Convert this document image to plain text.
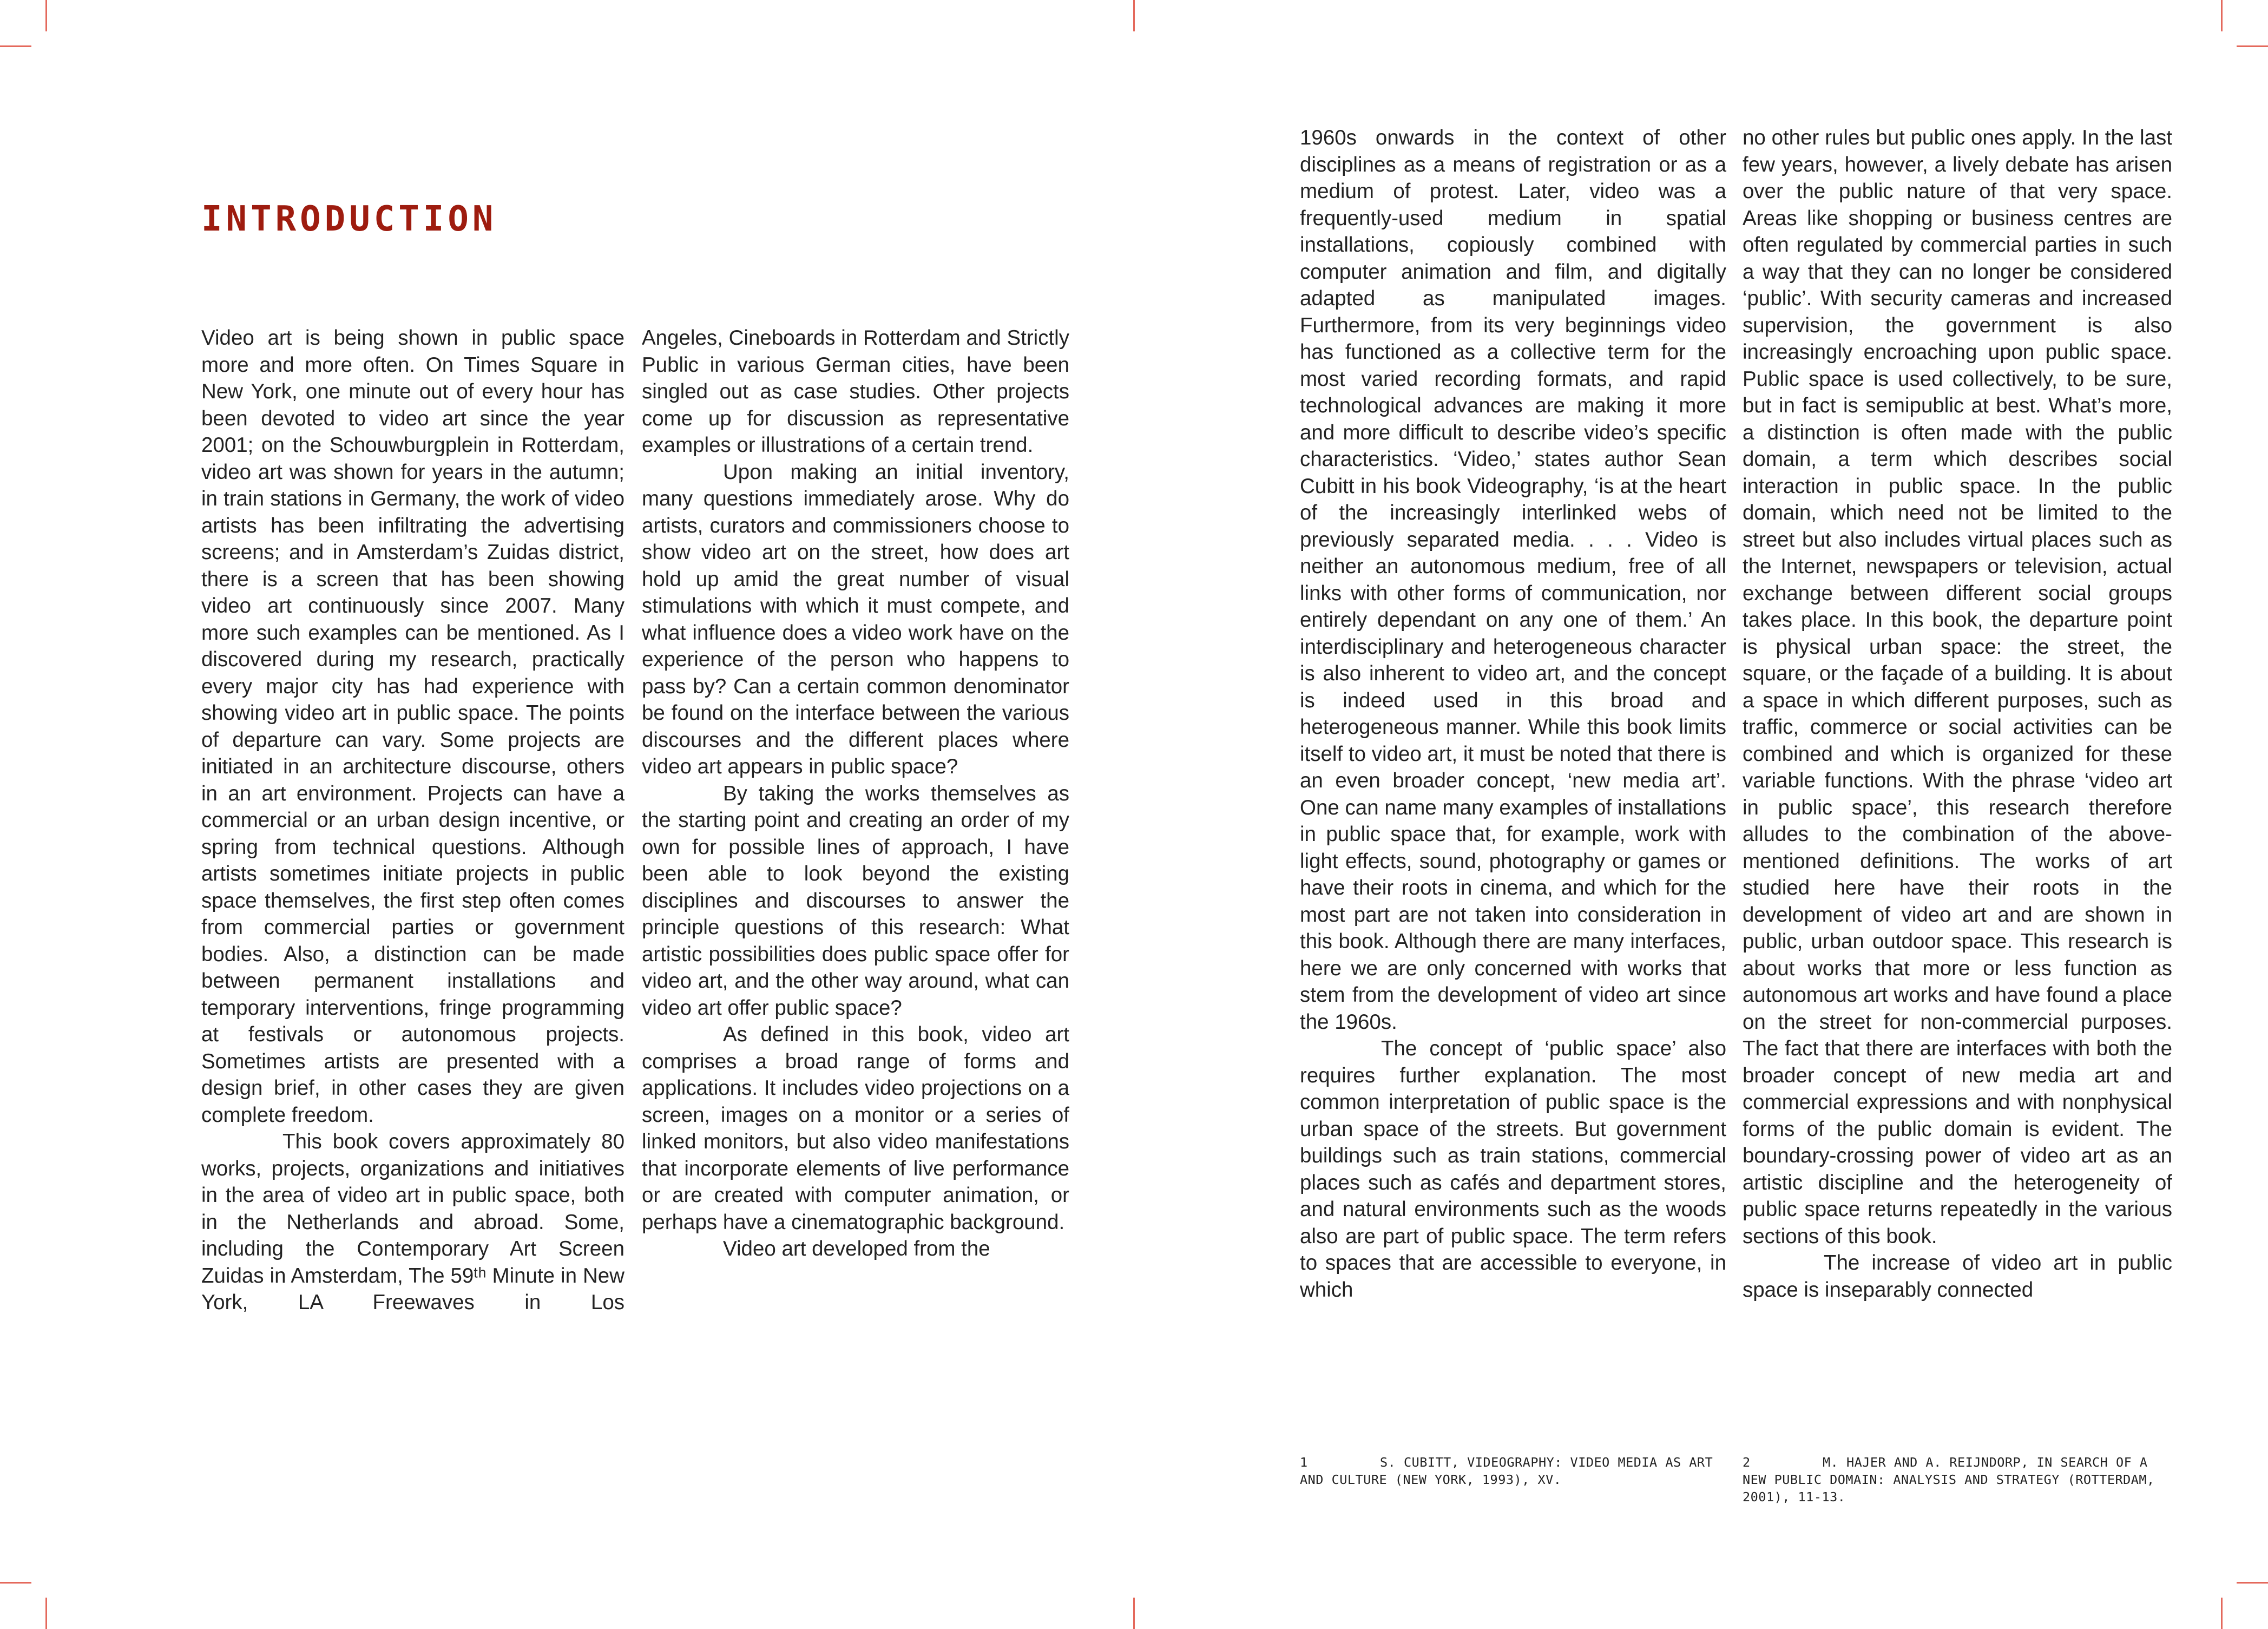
INTRODUCTION

Video art is being shown in public space more and more often. On Times Square in New York, one minute out of every hour has been devoted to video art since the year 2001; on the Schouwburgplein in Rotterdam, video art was shown for years in the autumn; in train stations in Germany, the work of video artists has been infiltrating the advertising screens; and in Amsterdam’s Zuidas district, there is a screen that has been showing video art continuously since 2007. Many more such examples can be mentioned. As I discovered during my research, practically every major city has had experience with showing video art in public space. The points of departure can vary. Some projects are initiated in an architecture discourse, others in an art environment. Projects can have a commercial or an urban design incentive, or spring from technical questions. Although artists sometimes initiate projects in public space themselves, the first step often comes from commercial parties or government bodies. Also, a distinction can be made between permanent installations and temporary interventions, fringe programming at festivals or autonomous projects. Sometimes artists are presented with a design brief, in other cases they are given complete freedom.

This book covers approximately 80 works, projects, organizations and initiatives in the area of video art in public space, both in the Netherlands and abroad. Some, including the Contemporary Art Screen Zuidas in Amsterdam, The 59ᵗʰ Minute in New York, LA Freewaves in Los

Angeles, Cineboards in Rotterdam and Strictly Public in various German cities, have been singled out as case studies. Other projects come up for discussion as representative examples or illustrations of a certain trend.

Upon making an initial inventory, many questions immediately arose. Why do artists, curators and commissioners choose to show video art on the street, how does art hold up amid the great number of visual stimulations with which it must compete, and what influence does a video work have on the experience of the person who happens to pass by? Can a certain common denominator be found on the interface between the various discourses and the different places where video art appears in public space?

By taking the works themselves as the starting point and creating an order of my own for possible lines of approach, I have been able to look beyond the existing disciplines and discourses to answer the principle questions of this research: What artistic possibilities does public space offer for video art, and the other way around, what can video art offer public space?

As defined in this book, video art comprises a broad range of forms and applications. It includes video projections on a screen, images on a monitor or a series of linked monitors, but also video manifestations that incorporate elements of live performance or are created with computer animation, or perhaps have a cinematographic background.

Video art developed from the

1960s onwards in the context of other disciplines as a means of registration or as a medium of protest. Later, video was a frequently-used medium in spatial installations, copiously combined with computer animation and film, and digitally adapted as manipulated images. Furthermore, from its very beginnings video has functioned as a collective term for the most varied recording formats, and rapid technological advances are making it more and more difficult to describe video’s specific characteristics. ‘Video,’ states author Sean Cubitt in his book Videography, ‘is at the heart of the increasingly interlinked webs of previously separated media. . . . Video is neither an autonomous medium, free of all links with other forms of communication, nor entirely dependant on any one of them.’ An interdisciplinary and heterogeneous character is also inherent to video art, and the concept is indeed used in this broad and heterogeneous manner. While this book limits itself to video art, it must be noted that there is an even broader concept, ‘new media art’. One can name many examples of installations in public space that, for example, work with light effects, sound, photography or games or have their roots in cinema, and which for the most part are not taken into consideration in this book. Although there are many interfaces, here we are only concerned with works that stem from the development of video art since the 1960s.

The concept of ‘public space’ also requires further explanation. The most common interpretation of public space is the urban space of the streets. But government buildings such as train stations, commercial places such as cafés and department stores, and natural environments such as the woods also are part of public space. The term refers to spaces that are accessible to everyone, in which

no other rules but public ones apply. In the last few years, however, a lively debate has arisen over the public nature of that very space. Areas like shopping or business centres are often regulated by commercial parties in such a way that they can no longer be considered ‘public’. With security cameras and increased supervision, the government is also increasingly encroaching upon public space. Public space is used collectively, to be sure, but in fact is semipublic at best. What’s more, a distinction is often made with the public domain, a term which describes social interaction in public space. In the public domain, which need not be limited to the street but also includes virtual places such as the Internet, newspapers or television, actual exchange between different social groups takes place. In this book, the departure point is physical urban space: the street, the square, or the façade of a building. It is about a space in which different purposes, such as traffic, commerce or social activities can be combined and which is organized for these variable functions. With the phrase ‘video art in public space’, this research therefore alludes to the combination of the above-mentioned definitions. The works of art studied here have their roots in the development of video art and are shown in public, urban outdoor space. This research is about works that more or less function as autonomous art works and have found a place on the street for non-commercial purposes. The fact that there are interfaces with both the broader concept of new media art and commercial expressions and with nonphysical forms of the public domain is evident. The boundary-crossing power of video art as an artistic discipline and the heterogeneity of public space returns repeatedly in the various sections of this book.

The increase of video art in public space is inseparably connected

1	S. CUBITT, VIDEOGRAPHY: VIDEO MEDIA AS ART AND CULTURE (NEW YORK, 1993), XV.
2	M. HAJER AND A. REIJNDORP, IN SEARCH OF A NEW PUBLIC DOMAIN: ANALYSIS AND STRATEGY (ROTTERDAM, 2001), 11-13.
